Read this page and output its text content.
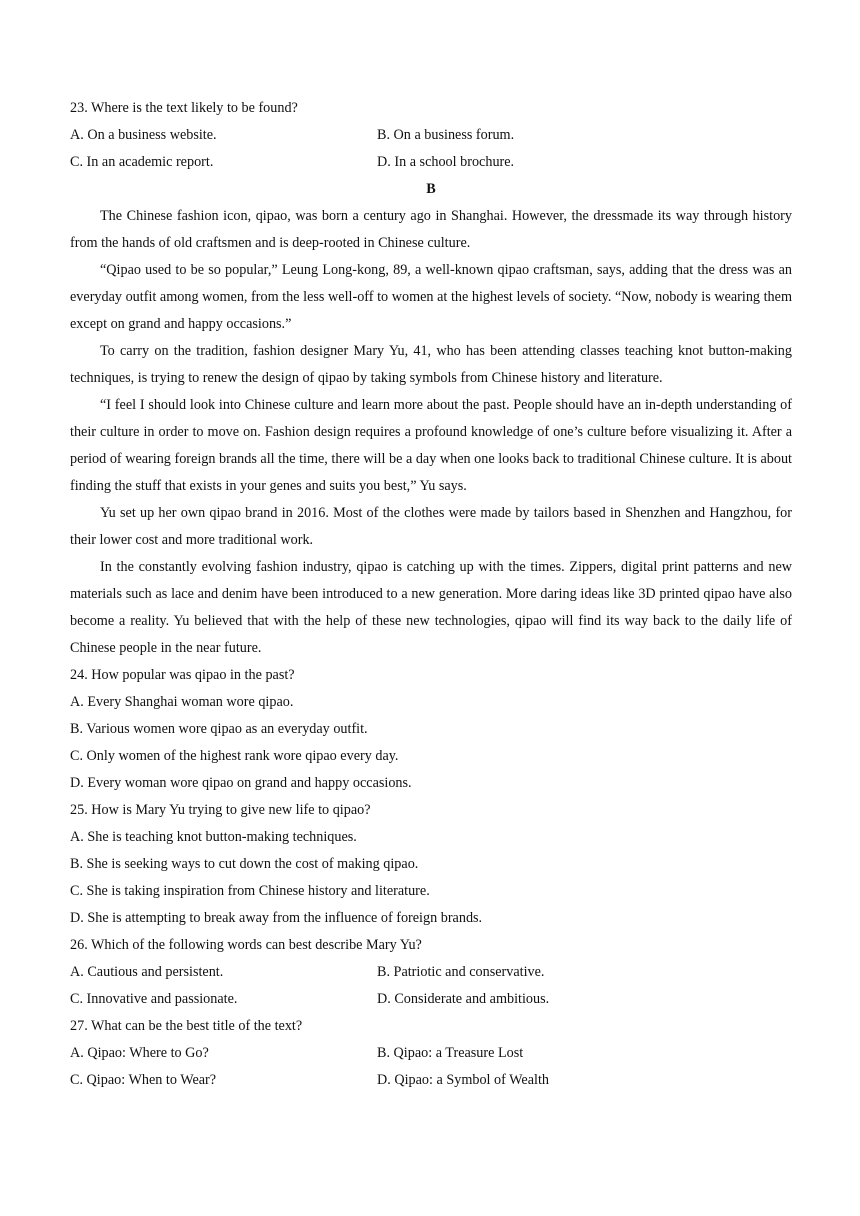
23. Where is the text likely to be found?
A. On a business website.	B. On a business forum.
C. In an academic report.	D. In a school brochure.
B

The Chinese fashion icon, qipao, was born a century ago in Shanghai. However, the dressmade its way through history from the hands of old craftsmen and is deep-rooted in Chinese culture.

“Qipao used to be so popular,” Leung Long-kong, 89, a well-known qipao craftsman, says, adding that the dress was an everyday outfit among women, from the less well-off to women at the highest levels of society. “Now, nobody is wearing them except on grand and happy occasions.”

To carry on the tradition, fashion designer Mary Yu, 41, who has been attending classes teaching knot button-making techniques, is trying to renew the design of qipao by taking symbols from Chinese history and literature.

“I feel I should look into Chinese culture and learn more about the past. People should have an in-depth understanding of their culture in order to move on. Fashion design requires a profound knowledge of one’s culture before visualizing it. After a period of wearing foreign brands all the time, there will be a day when one looks back to traditional Chinese culture. It is about finding the stuff that exists in your genes and suits you best,” Yu says.

Yu set up her own qipao brand in 2016. Most of the clothes were made by tailors based in Shenzhen and Hangzhou, for their lower cost and more traditional work.

In the constantly evolving fashion industry, qipao is catching up with the times. Zippers, digital print patterns and new materials such as lace and denim have been introduced to a new generation. More daring ideas like 3D printed qipao have also become a reality. Yu believed that with the help of these new technologies, qipao will find its way back to the daily life of Chinese people in the near future.

24. How popular was qipao in the past?
A. Every Shanghai woman wore qipao.
B. Various women wore qipao as an everyday outfit.
C. Only women of the highest rank wore qipao every day.
D. Every woman wore qipao on grand and happy occasions.
25. How is Mary Yu trying to give new life to qipao?
A. She is teaching knot button-making techniques.
B. She is seeking ways to cut down the cost of making qipao.
C. She is taking inspiration from Chinese history and literature.
D. She is attempting to break away from the influence of foreign brands.
26. Which of the following words can best describe Mary Yu?
A. Cautious and persistent.	B. Patriotic and conservative.
C. Innovative and passionate.	D. Considerate and ambitious.
27. What can be the best title of the text?
A. Qipao: Where to Go?	B. Qipao: a Treasure Lost
C. Qipao: When to Wear?	D. Qipao: a Symbol of Wealth
